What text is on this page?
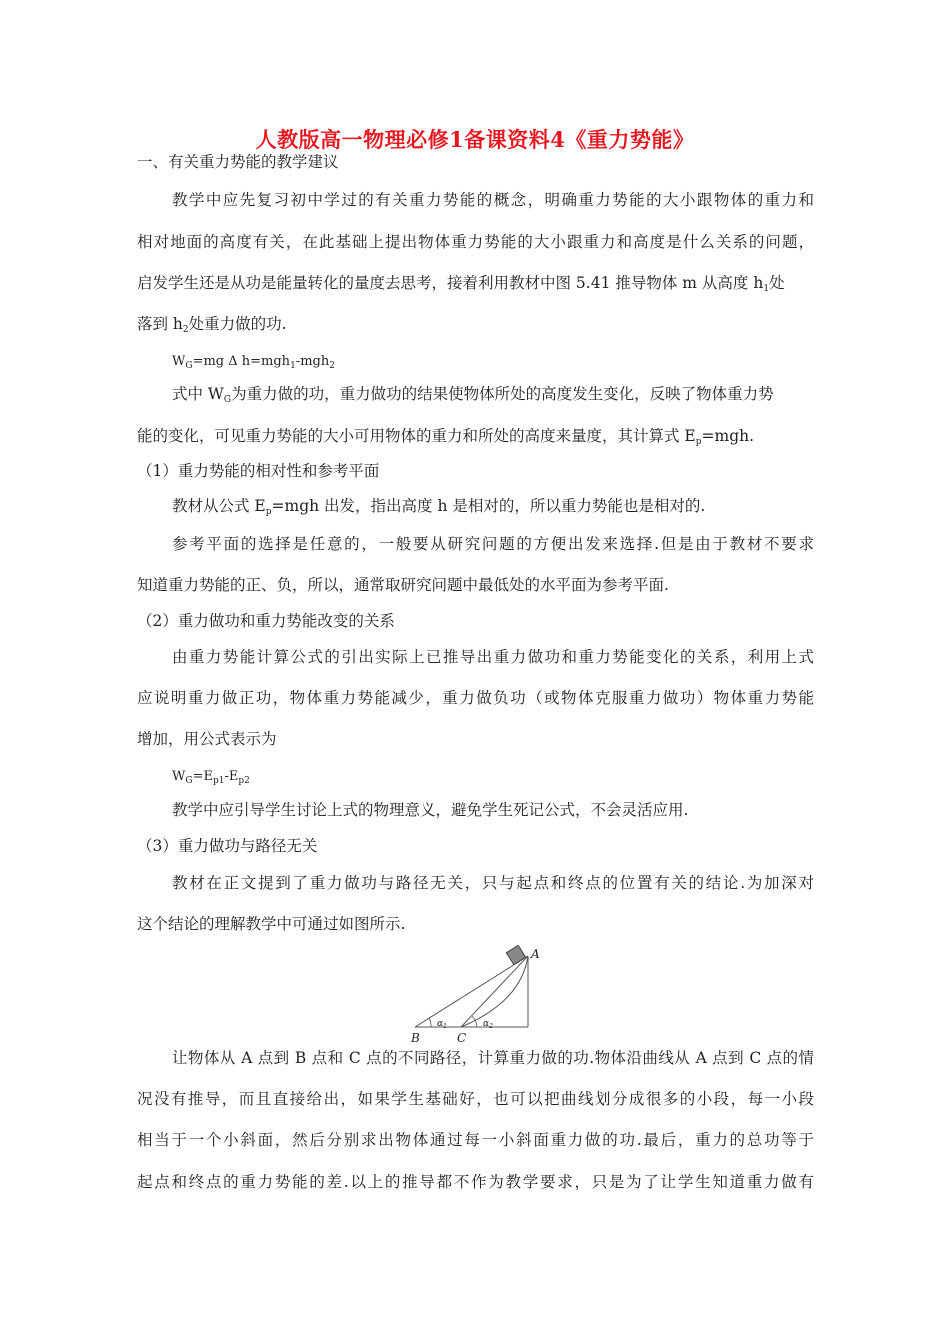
人教版高一物理必修1备课资料4《重力势能》
一、有关重力势能的教学建议
教学中应先复习初中学过的有关重力势能的概念，明确重力势能的大小跟物体的重力和
相对地面的高度有关，在此基础上提出物体重力势能的大小跟重力和高度是什么关系的问题，
启发学生还是从功是能量转化的量度去思考，接着利用教材中图 5.41 推导物体 m 从高度 $h_1$处
落到 $h_2$处重力做的功.
$W_G=mg$ Δ h=mgh$_1$-mgh$_2$
式中 $W_G$为重力做的功，重力做功的结果使物体所处的高度发生变化，反映了物体重力势
能的变化，可见重力势能的大小可用物体的重力和所处的高度来量度，其计算式 $E_p=mgh$.
（1）重力势能的相对性和参考平面
教材从公式 $E_p=mgh$ 出发，指出高度 h 是相对的，所以重力势能也是相对的.
参考平面的选择是任意的，一般要从研究问题的方便出发来选择.但是由于教材不要求
知道重力势能的正、负，所以，通常取研究问题中最低处的水平面为参考平面.
（2）重力做功和重力势能改变的关系
由重力势能计算公式的引出实际上已推导出重力做功和重力势能变化的关系，利用上式
应说明重力做正功，物体重力势能减少，重力做负功（或物体克服重力做功）物体重力势能
增加，用公式表示为
$W_G=E_{p1}-E_{p2}$
教学中应引导学生讨论上式的物理意义，避免学生死记公式，不会灵活应用.
（3）重力做功与路径无关
教材在正文提到了重力做功与路径无关，只与起点和终点的位置有关的结论.为加深对
这个结论的理解教学中可通过如图所示.
A
B	C
$\alpha_1$	$\alpha_2$
让物体从 A 点到 B 点和 C 点的不同路径，计算重力做的功.物体沿曲线从 A 点到 C 点的情
况没有推导，而且直接给出，如果学生基础好，也可以把曲线划分成很多的小段，每一小段
相当于一个小斜面，然后分别求出物体通过每一小斜面重力做的功.最后，重力的总功等于
起点和终点的重力势能的差.以上的推导都不作为教学要求，只是为了让学生知道重力做有
